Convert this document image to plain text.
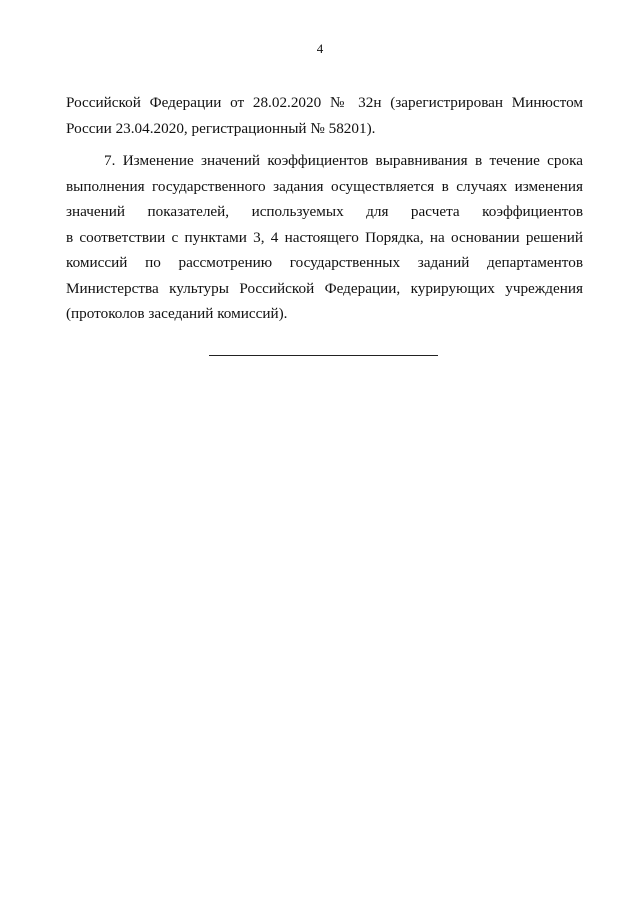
4
Российской Федерации от 28.02.2020 № 32н (зарегистрирован Минюстом
России 23.04.2020, регистрационный № 58201).
7. Изменение значений коэффициентов выравнивания в течение срока
выполнения государственного задания осуществляется в случаях изменения
значений показателей, используемых для расчета коэффициентов
в соответствии с пунктами 3, 4 настоящего Порядка, на основании решений
комиссий по рассмотрению государственных заданий департаментов
Министерства культуры Российской Федерации, курирующих учреждения
(протоколов заседаний комиссий).
